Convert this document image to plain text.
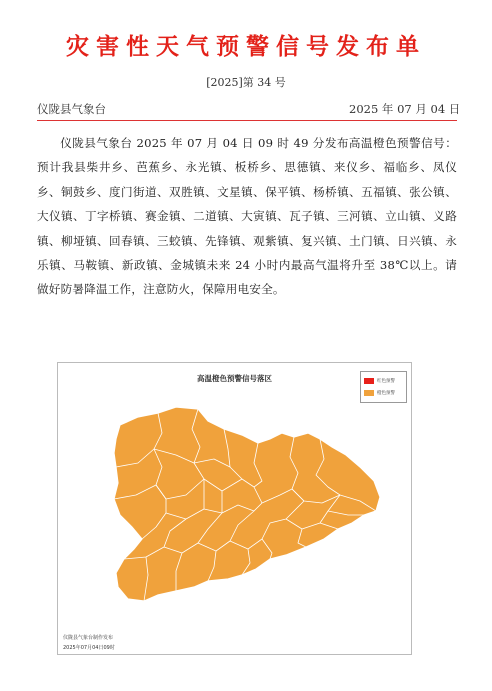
灾害性天气预警信号发布单
[2025]第 34 号
仪陇县气象台	2025 年 07 月 04 日

仪陇县气象台 2025 年 07 月 04 日 09 时 49 分发布高温橙色预警信号：预计我县柴井乡、芭蕉乡、永光镇、板桥乡、思德镇、来仪乡、福临乡、凤仪乡、铜鼓乡、度门街道、双胜镇、文星镇、保平镇、杨桥镇、五福镇、张公镇、大仪镇、丁字桥镇、赛金镇、二道镇、大寅镇、瓦子镇、三河镇、立山镇、义路镇、柳垭镇、回春镇、三蛟镇、先锋镇、观紫镇、复兴镇、土门镇、日兴镇、永乐镇、马鞍镇、新政镇、金城镇未来 24 小时内最高气温将升至 38℃以上。请做好防暑降温工作，注意防火，保障用电安全。

高温橙色预警信号落区	红色预警
橙色预警
仪陇县气象台制作发布
2025年07月04日09时
